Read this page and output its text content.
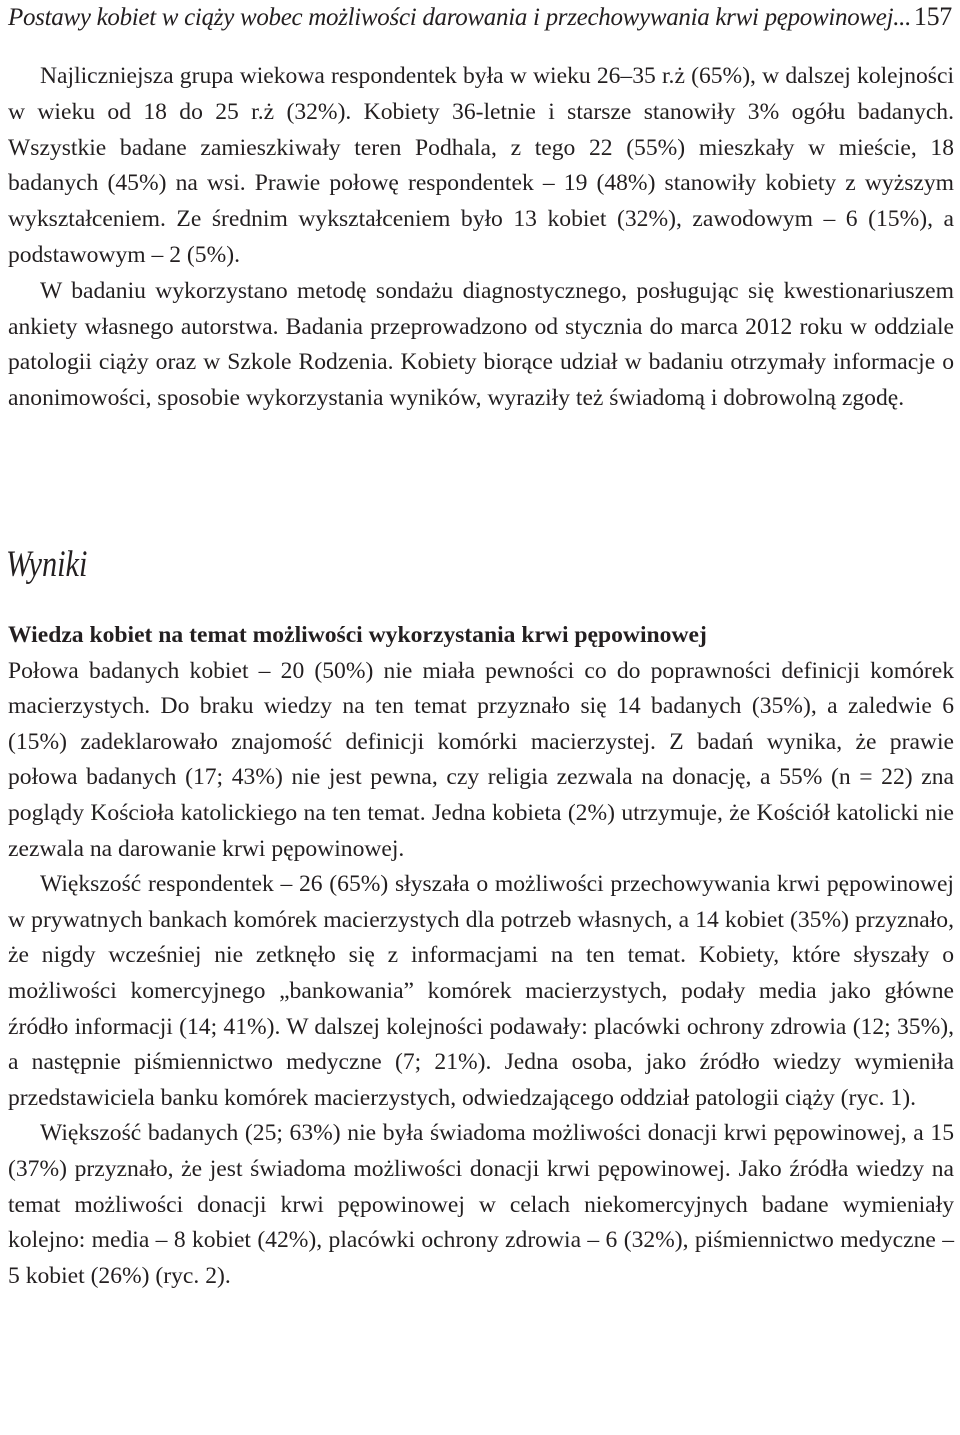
Postawy kobiet w ciąży wobec możliwości darowania i przechowywania krwi pępowinowej... 157

Najliczniejsza grupa wiekowa respondentek była w wieku 26–35 r.ż (65%), w dalszej kolejności w wieku od 18 do 25 r.ż (32%). Kobiety 36-letnie i starsze stanowiły 3% ogółu badanych. Wszystkie badane zamieszkiwały teren Podhala, z tego 22 (55%) mieszkały w mieście, 18 badanych (45%) na wsi. Prawie połowę respondentek – 19 (48%) stanowiły kobiety z wyższym wykształceniem. Ze średnim wykształceniem było 13 kobiet (32%), zawodowym – 6 (15%), a podstawowym – 2 (5%).

W badaniu wykorzystano metodę sondażu diagnostycznego, posługując się kwestionariuszem ankiety własnego autorstwa. Badania przeprowadzono od stycznia do marca 2012 roku w oddziale patologii ciąży oraz w Szkole Rodzenia. Kobiety biorące udział w badaniu otrzymały informacje o anonimowości, sposobie wykorzystania wyników, wyraziły też świadomą i dobrowolną zgodę.

Wyniki
Wiedza kobiet na temat możliwości wykorzystania krwi pępowinowej

Połowa badanych kobiet – 20 (50%) nie miała pewności co do poprawności definicji komórek macierzystych. Do braku wiedzy na ten temat przyznało się 14 badanych (35%), a zaledwie 6 (15%) zadeklarowało znajomość definicji komórki macierzystej. Z badań wynika, że prawie połowa badanych (17; 43%) nie jest pewna, czy religia zezwala na donację, a 55% (n = 22) zna poglądy Kościoła katolickiego na ten temat. Jedna kobieta (2%) utrzymuje, że Kościół katolicki nie zezwala na darowanie krwi pępowinowej.

Większość respondentek – 26 (65%) słyszała o możliwości przechowywania krwi pępowinowej w prywatnych bankach komórek macierzystych dla potrzeb własnych, a 14 kobiet (35%) przyznało, że nigdy wcześniej nie zetknęło się z informacjami na ten temat. Kobiety, które słyszały o możliwości komercyjnego „bankowania” komórek macierzystych, podały media jako główne źródło informacji (14; 41%). W dalszej kolejności podawały: placówki ochrony zdrowia (12; 35%), a następnie piśmiennictwo medyczne (7; 21%). Jedna osoba, jako źródło wiedzy wymieniła przedstawiciela banku komórek macierzystych, odwiedzającego oddział patologii ciąży (ryc. 1).

Większość badanych (25; 63%) nie była świadoma możliwości donacji krwi pępowinowej, a 15 (37%) przyznało, że jest świadoma możliwości donacji krwi pępowinowej. Jako źródła wiedzy na temat możliwości donacji krwi pępowinowej w celach niekomercyjnych badane wymieniały kolejno: media – 8 kobiet (42%), placówki ochrony zdrowia – 6 (32%), piśmiennictwo medyczne – 5 kobiet (26%) (ryc. 2).
